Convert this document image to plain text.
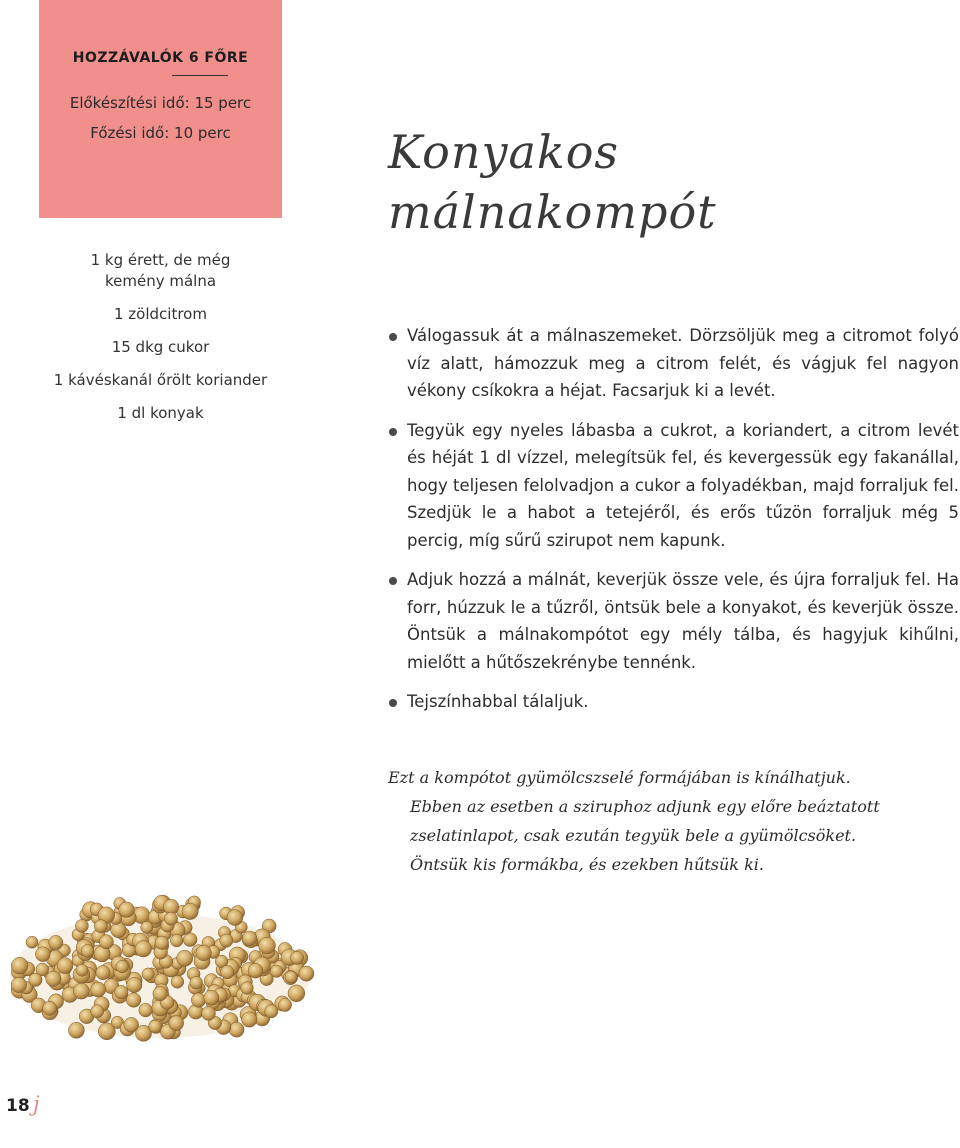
HOZZÁVALÓK 6 FŐRE
Előkészítési idő: 15 perc
Főzési idő: 10 perc
1 kg érett, de még kemény málna
1 zöldcitrom
15 dkg cukor
1 kávéskanál őrölt koriander
1 dl konyak
Konyakos
málnakompót
Válogassuk át a málnaszemeket. Dörzsöljük meg a citromot folyó víz alatt, hámozzuk meg a citrom felét, és vágjuk fel nagyon vékony csíkokra a héjat. Facsarjuk ki a levét.
Tegyük egy nyeles lábasba a cukrot, a koriandert, a citrom levét és héját 1 dl vízzel, melegítsük fel, és kevergessük egy fakanállal, hogy teljesen felolvadjon a cukor a folyadékban, majd forraljuk fel. Szedjük le a habot a tetejéről, és erős tűzön forraljuk még 5 percig, míg sűrű szirupot nem kapunk.
Adjuk hozzá a málnát, keverjük össze vele, és újra forraljuk fel. Ha forr, húzzuk le a tűzről, öntsük bele a konyakot, és keverjük össze. Öntsük a málnakompótot egy mély tálba, és hagyjuk kihűlni, mielőtt a hűtőszekrénybe tennénk.
Tejszínhabbal tálaljuk.
Ezt a kompótot gyümölcszselé formájában is kínálhatjuk.
Ebben az esetben a sziruphoz adjunk egy előre beáztatott
zselatinlapot, csak ezután tegyük bele a gyümölcsöket.
Öntsük kis formákba, és ezekben hűtsük ki.
18 j
